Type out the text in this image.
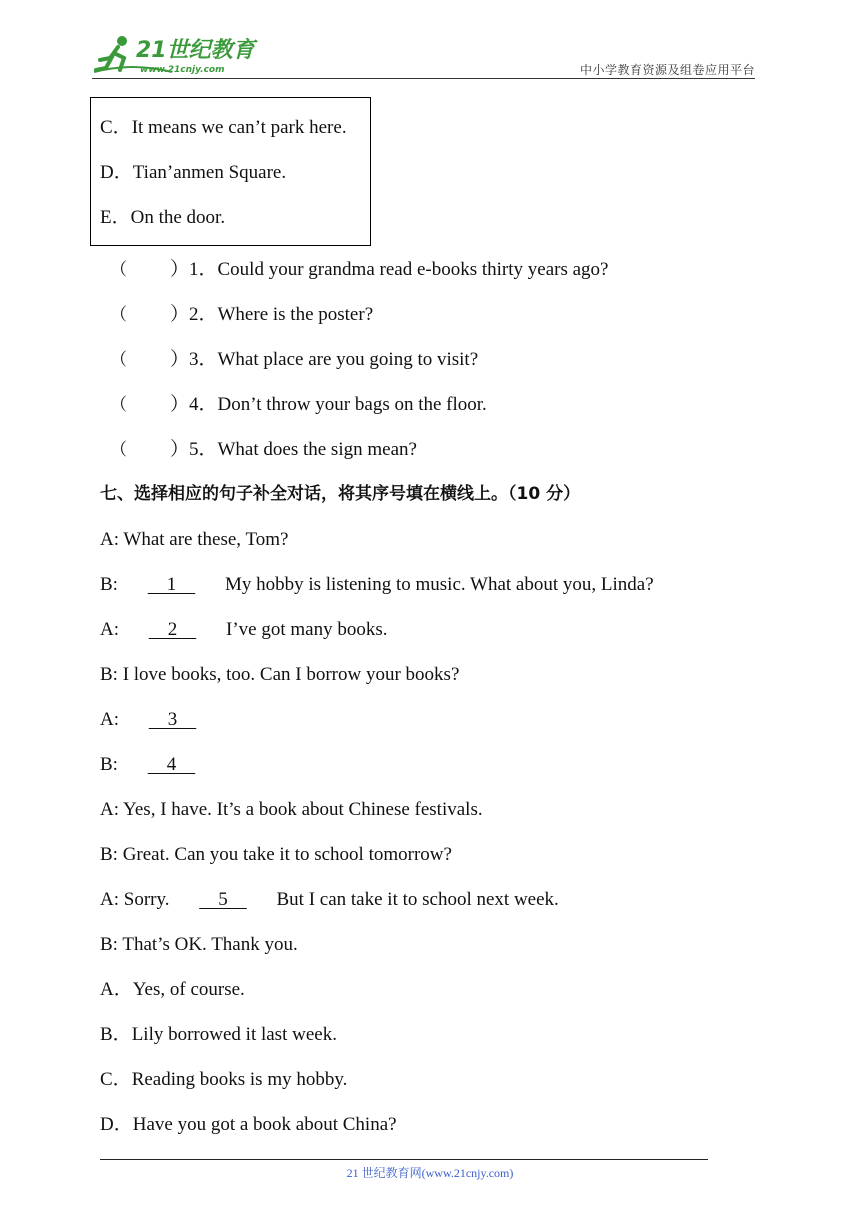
21世纪教育
www.21cnjy.com	中小学教育资源及组卷应用平台
C．It means we can’t park here.
D．Tian’anmen Square.
E．On the door.
（ ）1．Could your grandma read e-books thirty years ago?
（ ）2．Where is the poster?
（ ）3．What place are you going to visit?
（ ）4．Don’t throw your bags on the floor.
（ ）5．What does the sign mean?
七、选择相应的句子补全对话，将其序号填在横线上。（10 分）
A: What are these, Tom?
B:      1      My hobby is listening to music. What about you, Linda?
A:      2      I’ve got many books.
B: I love books, too. Can I borrow your books?
A:      3
B:      4
A: Yes, I have. It’s a book about Chinese festivals.
B: Great. Can you take it to school tomorrow?
A: Sorry.      5      But I can take it to school next week.
B: That’s OK. Thank you.
A．Yes, of course.
B．Lily borrowed it last week.
C．Reading books is my hobby.
D．Have you got a book about China?
21 世纪教育网(www.21cnjy.com)
